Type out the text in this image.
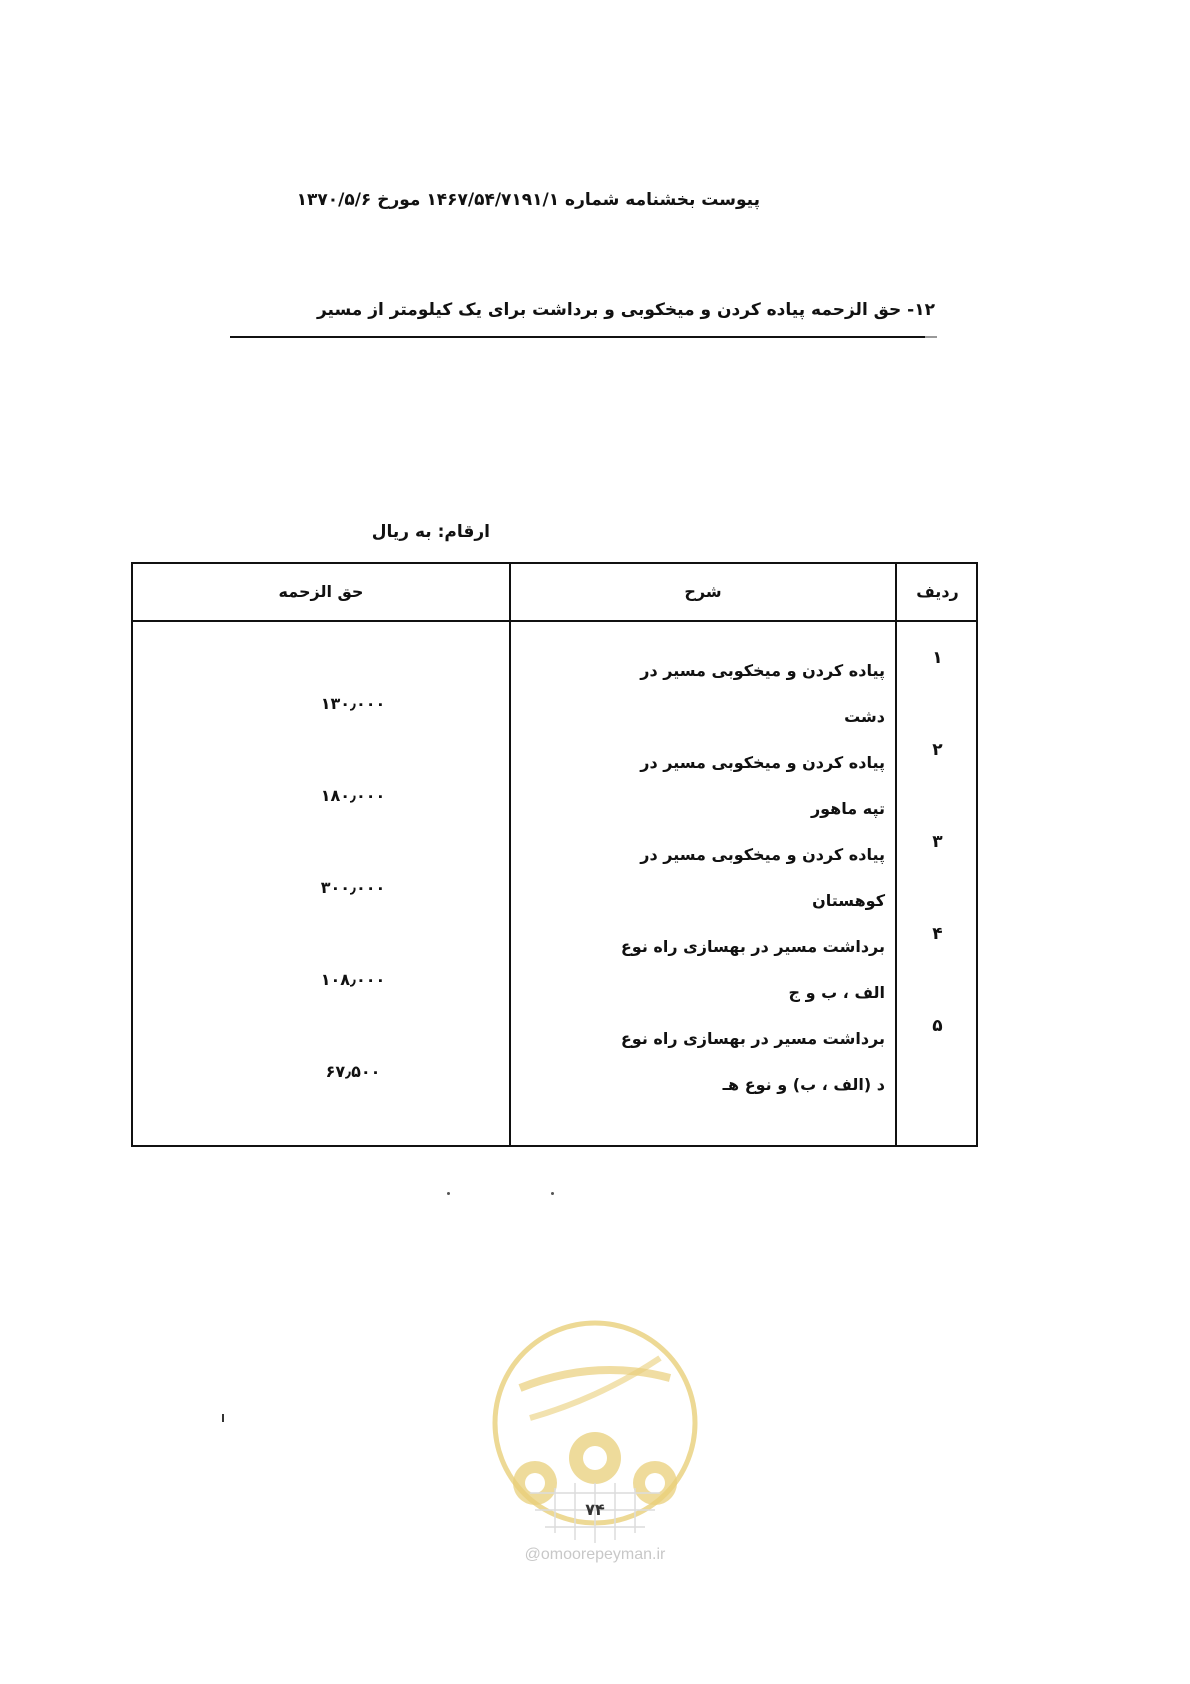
پیوست بخشنامه شماره ۱۴۶۷/۵۴/۷۱۹۱/۱ مورخ ۱۳۷۰/۵/۶
۱۲- حق الزحمه پیاده کردن و میخکوبی و برداشت برای یک کیلومتر از مسیر
ارقام: به ریال
ردیف
شرح
حق الزحمه
۱
پیاده کردن و میخکوبی مسیر در
دشت
۱۳۰٫۰۰۰
۲
پیاده کردن و میخکوبی مسیر در
تپه ماهور
۱۸۰٫۰۰۰
۳
پیاده کردن و میخکوبی مسیر در
کوهستان
۳۰۰٫۰۰۰
۴
برداشت مسیر در بهسازی راه نوع
الف ، ب و ج
۱۰۸٫۰۰۰
۵
برداشت مسیر در بهسازی راه نوع
د (الف ، ب) و نوع هـ
۶۷٫۵۰۰
۷۴
@omoorepeyman.ir
